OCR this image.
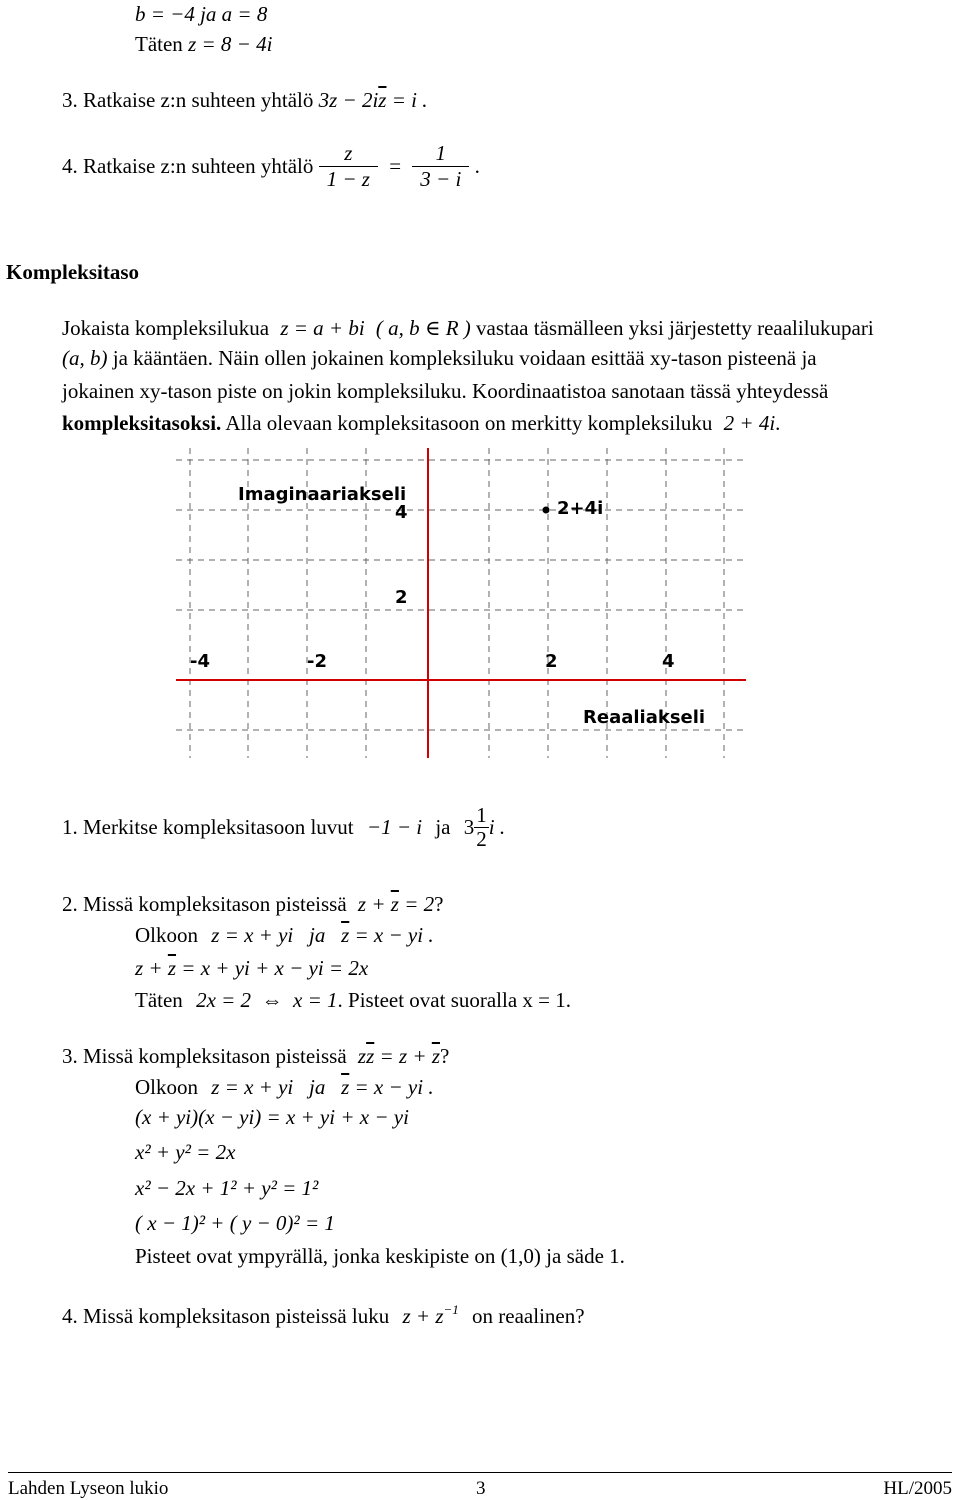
b = −4 ja a = 8
Täten z = 8 − 4i
3. Ratkaise z:n suhteen yhtälö $3z - 2i\overline{z} = i$ .
4. Ratkaise z:n suhteen yhtälö $\frac{z}{1 - z} = \frac{1}{3 - i}$ .
Kompleksitaso
Jokaista kompleksilukua z = a + bi ( a, b ∈ R ) vastaa täsmälleen yksi järjestetty reaalilukupari
(a, b) ja kääntäen. Näin ollen jokainen kompleksiluku voidaan esittää xy-tason pisteenä ja
jokainen xy-tason piste on jokin kompleksiluku. Koordinaatistoa sanotaan tässä yhteydessä
kompleksitasoksi. Alla olevaan kompleksitasoon on merkitty kompleksiluku 2 + 4i.
Imaginaariakseli
2+4i
4
2
-4	-2	2	4
Reaaliakseli
1. Merkitse kompleksitasoon luvut −1 − i ja $3 \frac{1}{2}$ i .
2. Missä kompleksitason pisteissä $z + \overline{z} = 2$?
Olkoon z = x + yi   ja   $\overline{z} = x$ − yi .
$z + \overline{z} = x$ + yi + x − yi = 2x
Täten 2x = 2  ⇔  x = 1. Pisteet ovat suoralla x = 1.
3. Missä kompleksitason pisteissä $z\overline{z} = z + \overline{z}$?
Olkoon z = x + yi   ja   $\overline{z} = x$ − yi .
(x + yi)(x − yi) = x + yi + x − yi
x² + y² = 2x
x² − 2x + 1² + y² = 1²
( x − 1)² + ( y − 0)² = 1
Pisteet ovat ympyrällä, jonka keskipiste on (1,0) ja säde 1.
4. Missä kompleksitason pisteissä luku $z + z^{-1}$ on reaalinen?
Lahden Lyseon lukio	3	HL/2005
